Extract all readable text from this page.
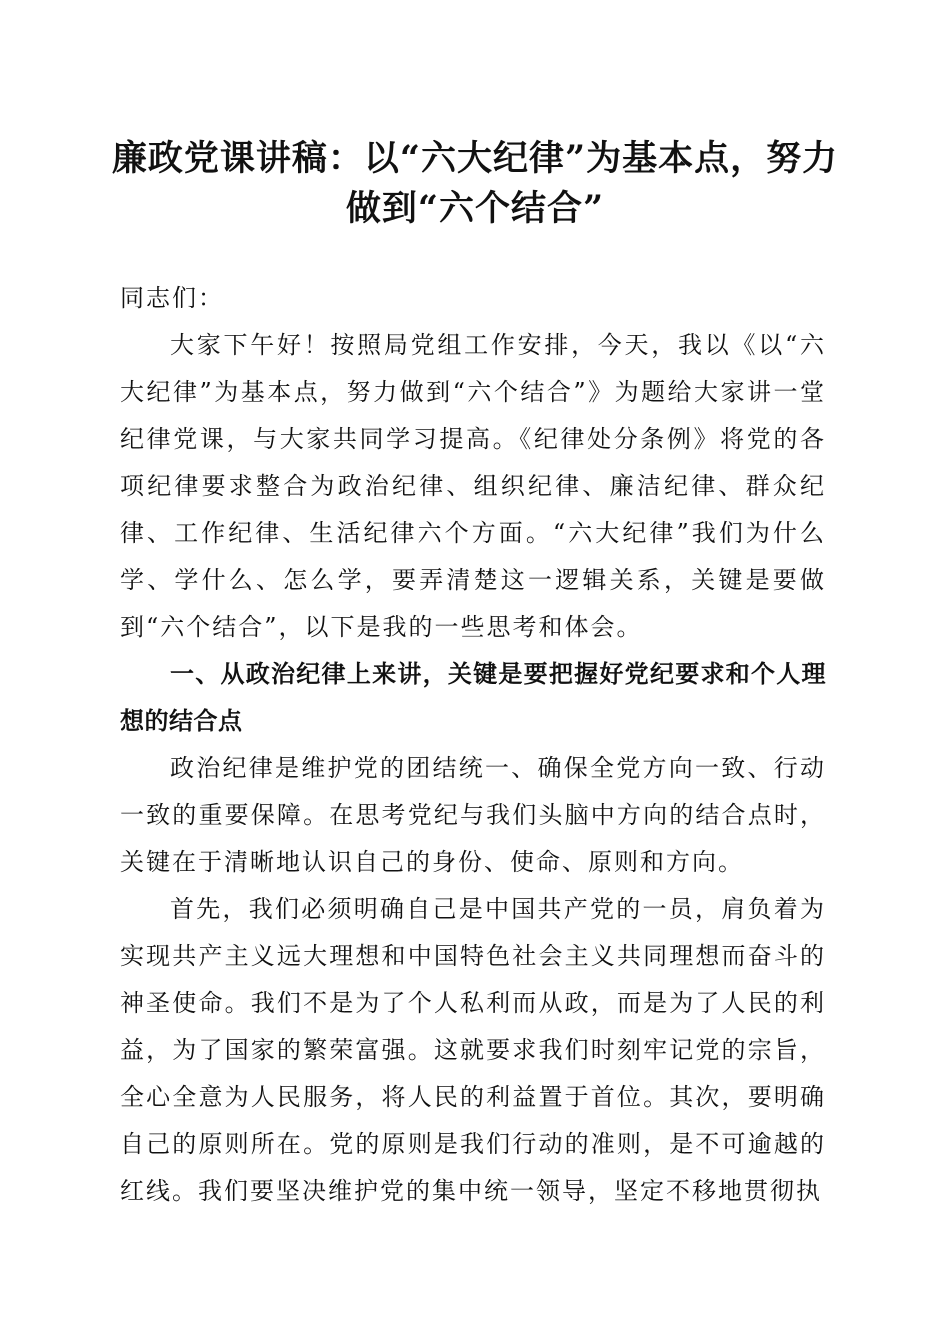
廉政党课讲稿：以“六大纪律”为基本点，努力做到“六个结合”

同志们：

大家下午好！按照局党组工作安排，今天，我以《以“六大纪律”为基本点，努力做到“六个结合”》为题给大家讲一堂纪律党课，与大家共同学习提高。《纪律处分条例》将党的各项纪律要求整合为政治纪律、组织纪律、廉洁纪律、群众纪律、工作纪律、生活纪律六个方面。“六大纪律”我们为什么学、学什么、怎么学，要弄清楚这一逻辑关系，关键是要做到“六个结合”，以下是我的一些思考和体会。

一、从政治纪律上来讲，关键是要把握好党纪要求和个人理想的结合点

政治纪律是维护党的团结统一、确保全党方向一致、行动一致的重要保障。在思考党纪与我们头脑中方向的结合点时，关键在于清晰地认识自己的身份、使命、原则和方向。

首先，我们必须明确自己是中国共产党的一员，肩负着为实现共产主义远大理想和中国特色社会主义共同理想而奋斗的神圣使命。我们不是为了个人私利而从政，而是为了人民的利益，为了国家的繁荣富强。这就要求我们时刻牢记党的宗旨，全心全意为人民服务，将人民的利益置于首位。其次，要明确自己的原则所在。党的原则是我们行动的准则，是不可逾越的红线。我们要坚决维护党的集中统一领导，坚定不移地贯彻执
